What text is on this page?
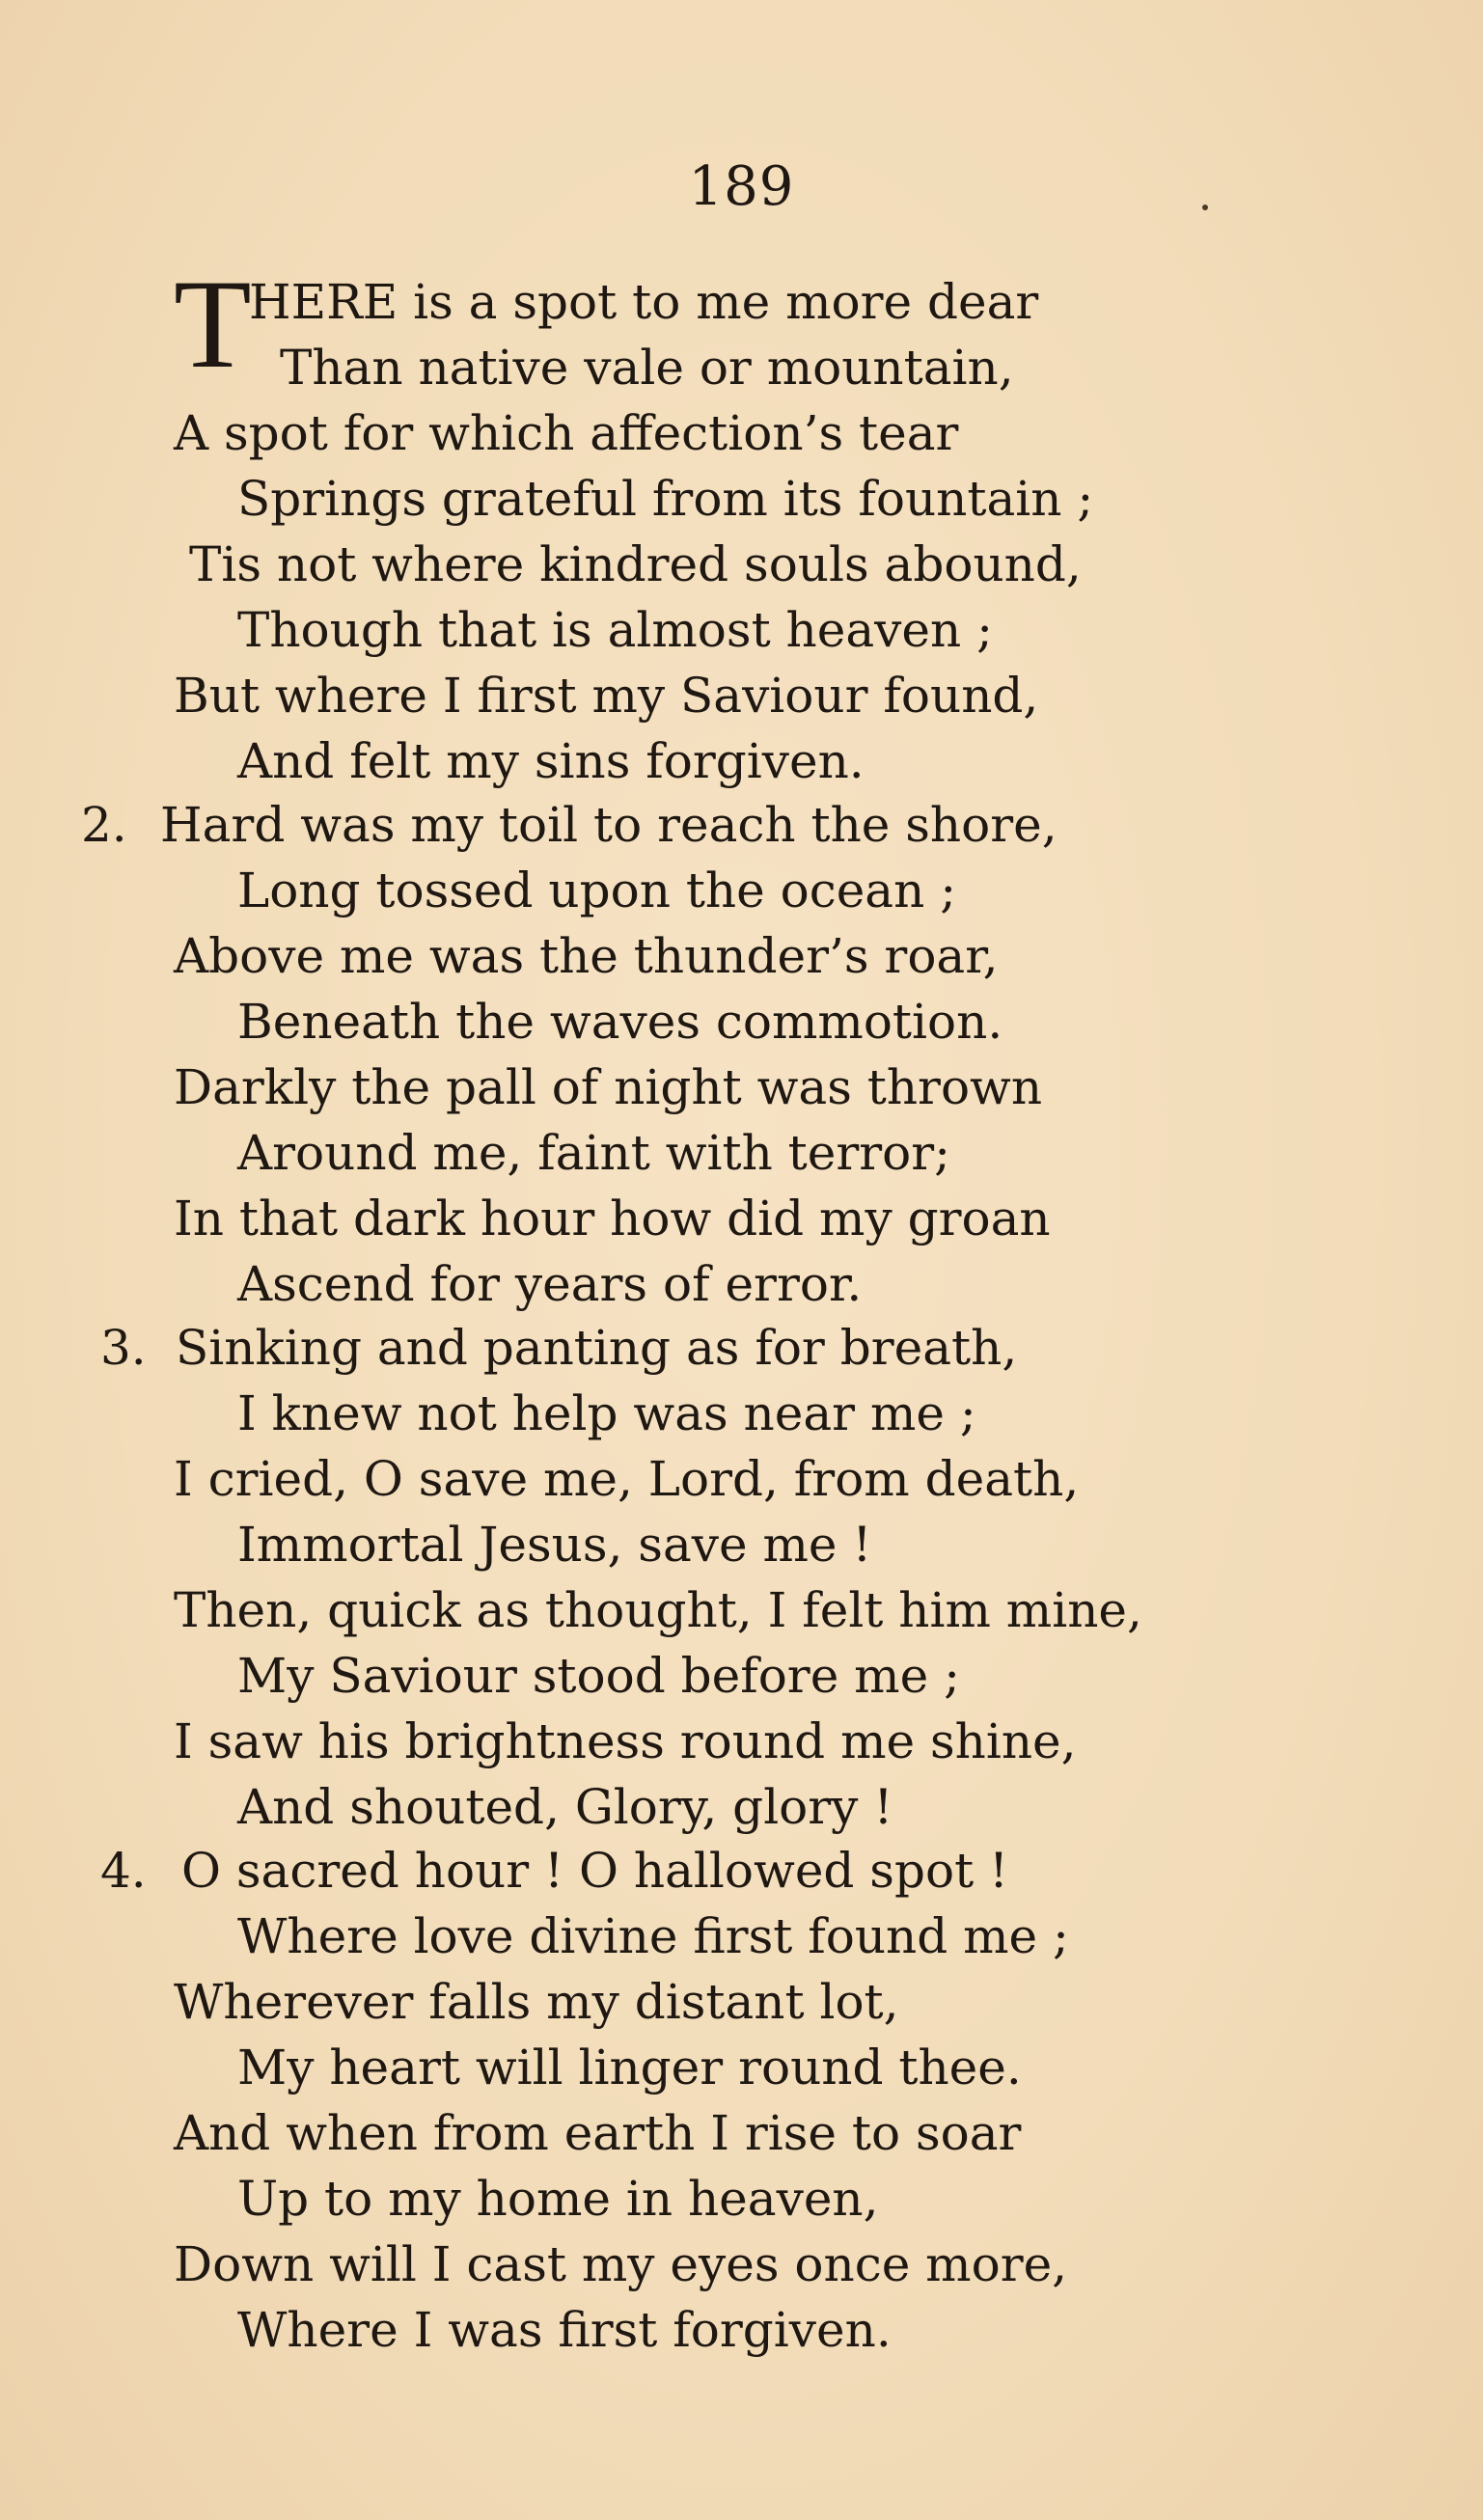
189
T
HERE is a spot to me more dear
Than native vale or mountain,
A spot for which affection’s tear
Springs grateful from its fountain ;
Tis not where kindred souls abound,
Though that is almost heaven ;
But where I first my Saviour found,
And felt my sins forgiven.
2. Hard was my toil to reach the shore,
Long tossed upon the ocean ;
Above me was the thunder’s roar,
Beneath the waves commotion.
Darkly the pall of night was thrown
Around me, faint with terror;
In that dark hour how did my groan
Ascend for years of error.
3. Sinking and panting as for breath,
I knew not help was near me ;
I cried, O save me, Lord, from death,
Immortal Jesus, save me !
Then, quick as thought, I felt him mine,
My Saviour stood before me ;
I saw his brightness round me shine,
And shouted, Glory, glory !
4. O sacred hour ! O hallowed spot !
Where love divine first found me ;
Wherever falls my distant lot,
My heart will linger round thee.
And when from earth I rise to soar
Up to my home in heaven,
Down will I cast my eyes once more,
Where I was first forgiven.
